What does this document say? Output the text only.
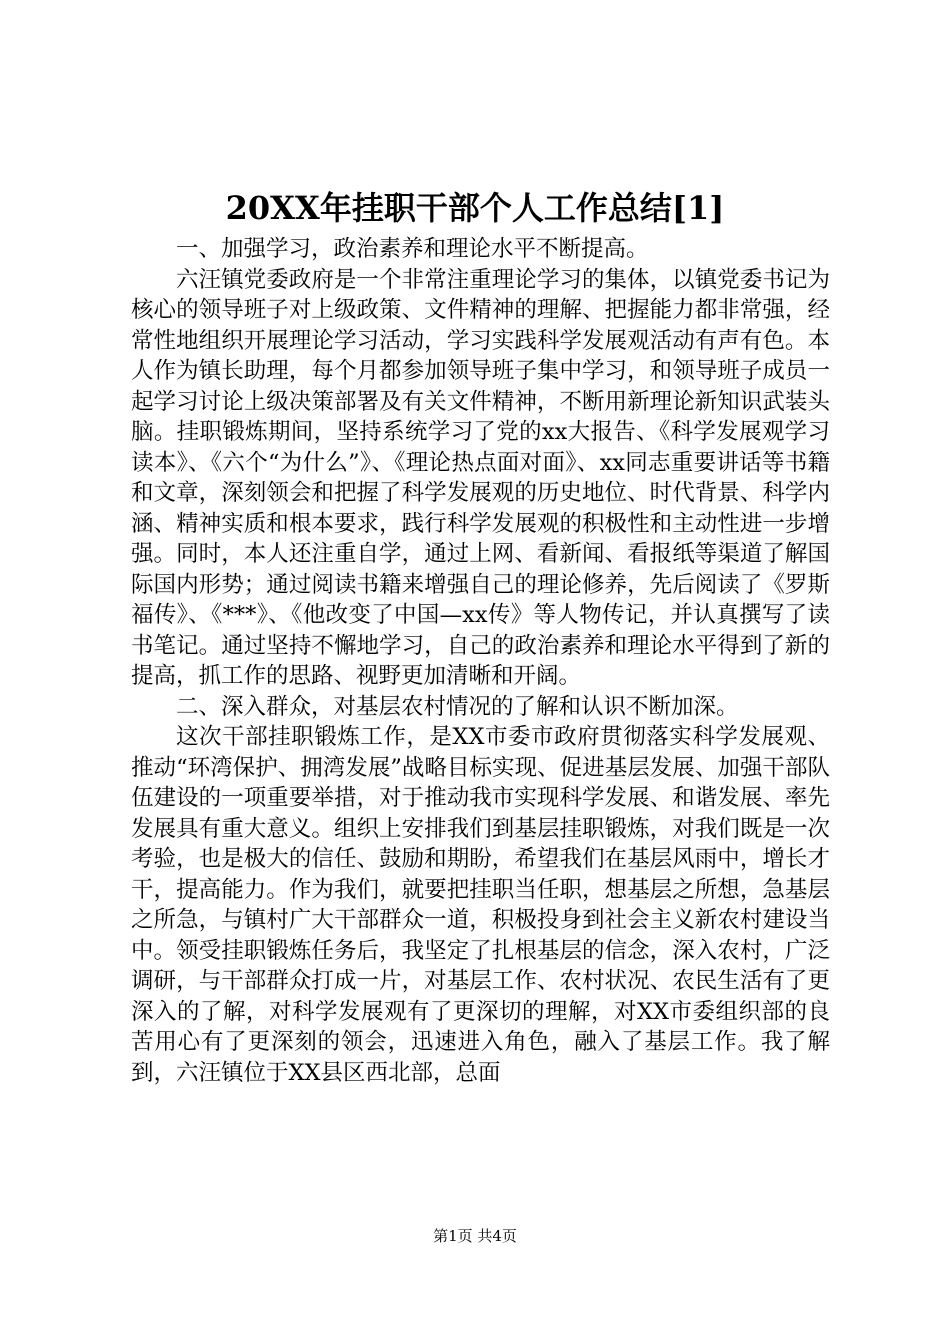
20XX年挂职干部个人工作总结[1]

一、加强学习，政治素养和理论水平不断提高。

六汪镇党委政府是一个非常注重理论学习的集体，以镇党委书记为核心的领导班子对上级政策、文件精神的理解、把握能力都非常强，经常性地组织开展理论学习活动，学习实践科学发展观活动有声有色。本人作为镇长助理，每个月都参加领导班子集中学习，和领导班子成员一起学习讨论上级决策部署及有关文件精神，不断用新理论新知识武装头脑。挂职锻炼期间，坚持系统学习了党的xx大报告、《科学发展观学习读本》、《六个“为什么”》、《理论热点面对面》、xx同志重要讲话等书籍和文章，深刻领会和把握了科学发展观的历史地位、时代背景、科学内涵、精神实质和根本要求，践行科学发展观的积极性和主动性进一步增强。同时，本人还注重自学，通过上网、看新闻、看报纸等渠道了解国际国内形势；通过阅读书籍来增强自己的理论修养，先后阅读了《罗斯福传》、《***》、《他改变了中国—xx传》等人物传记，并认真撰写了读书笔记。通过坚持不懈地学习，自己的政治素养和理论水平得到了新的提高，抓工作的思路、视野更加清晰和开阔。

二、深入群众，对基层农村情况的了解和认识不断加深。

这次干部挂职锻炼工作，是XX市委市政府贯彻落实科学发展观、推动“环湾保护、拥湾发展”战略目标实现、促进基层发展、加强干部队伍建设的一项重要举措，对于推动我市实现科学发展、和谐发展、率先发展具有重大意义。组织上安排我们到基层挂职锻炼，对我们既是一次考验，也是极大的信任、鼓励和期盼，希望我们在基层风雨中，增长才干，提高能力。作为我们，就要把挂职当任职，想基层之所想，急基层之所急，与镇村广大干部群众一道，积极投身到社会主义新农村建设当中。领受挂职锻炼任务后，我坚定了扎根基层的信念，深入农村，广泛调研，与干部群众打成一片，对基层工作、农村状况、农民生活有了更深入的了解，对科学发展观有了更深切的理解，对XX市委组织部的良苦用心有了更深刻的领会，迅速进入角色，融入了基层工作。我了解到，六汪镇位于XX县区西北部，总面

第1页 共4页
